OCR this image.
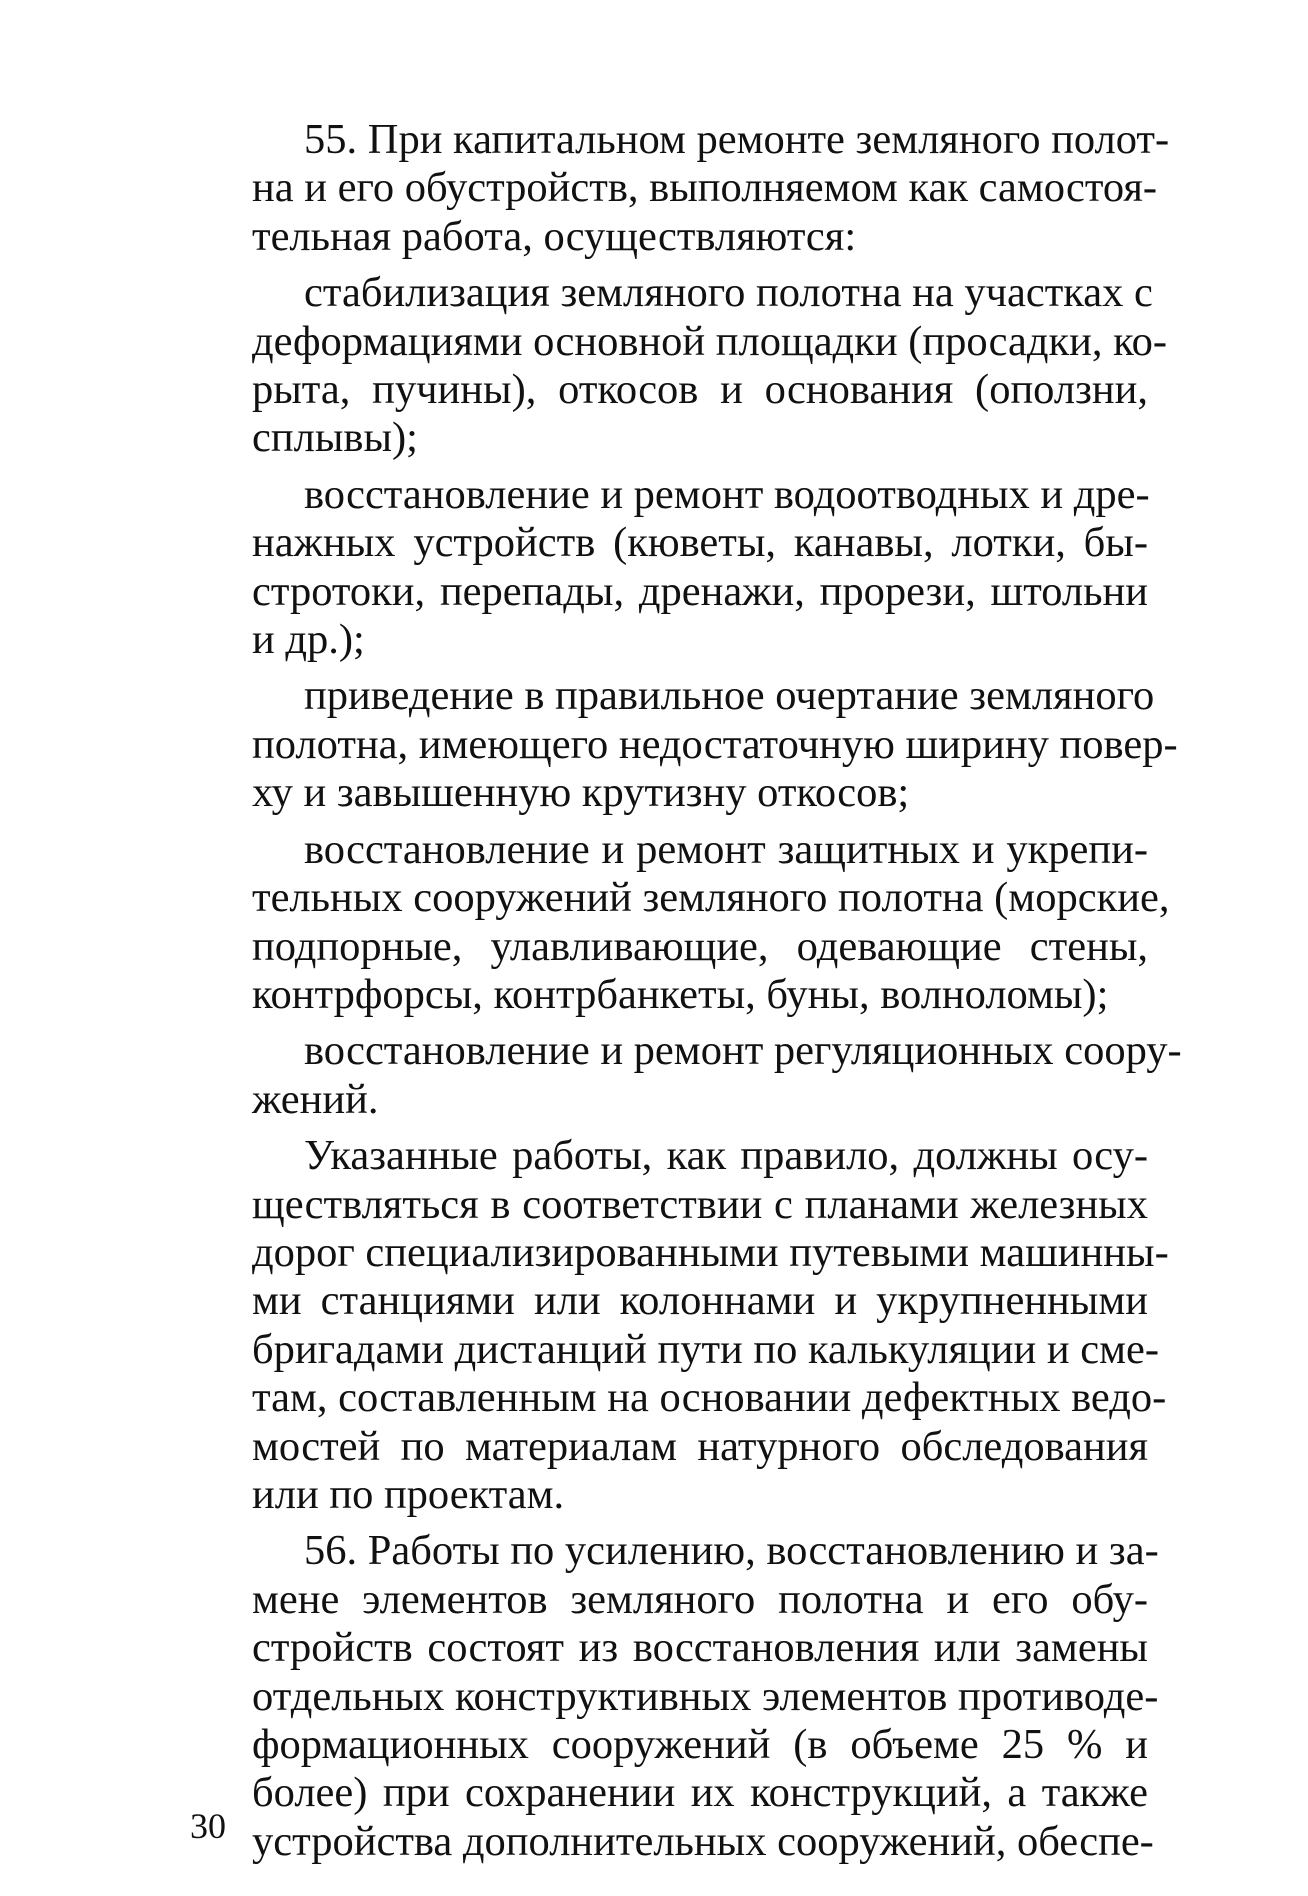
55. При капитальном ремонте земляного полот-
на и его обустройств, выполняемом как самостоя-
тельная работа, осуществляются:
стабилизация земляного полотна на участках с
деформациями основной площадки (просадки, ко-
рыта, пучины), откосов и основания (оползни,
сплывы);
восстановление и ремонт водоотводных и дре-
нажных устройств (кюветы, канавы, лотки, бы-
стротоки, перепады, дренажи, прорези, штольни
и др.);
приведение в правильное очертание земляного
полотна, имеющего недостаточную ширину повер-
ху и завышенную крутизну откосов;
восстановление и ремонт защитных и укрепи-
тельных сооружений земляного полотна (морские,
подпорные, улавливающие, одевающие стены,
контрфорсы, контрбанкеты, буны, волноломы);
восстановление и ремонт регуляционных соору-
жений.
Указанные работы, как правило, должны осу-
ществляться в соответствии с планами железных
дорог специализированными путевыми машинны-
ми станциями или колоннами и укрупненными
бригадами дистанций пути по калькуляции и сме-
там, составленным на основании дефектных ведо-
мостей по материалам натурного обследования
или по проектам.
56. Работы по усилению, восстановлению и за-
мене элементов земляного полотна и его обу-
стройств состоят из восстановления или замены
отдельных конструктивных элементов противоде-
формационных сооружений (в объеме 25 % и
более) при сохранении их конструкций, а также
устройства дополнительных сооружений, обеспе-
30
